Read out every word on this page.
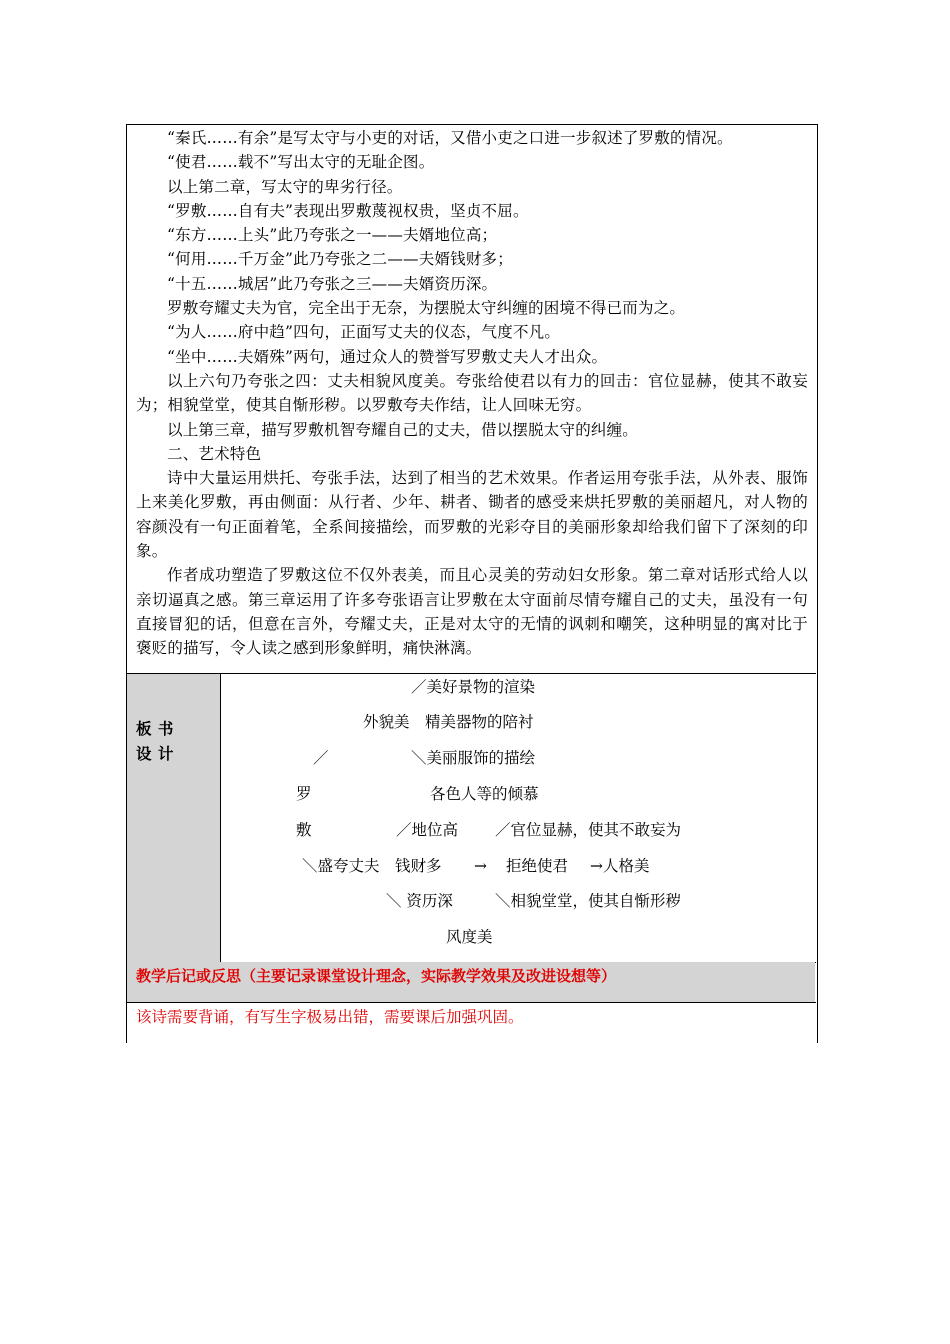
“秦氏……有余”是写太守与小吏的对话，又借小吏之口进一步叙述了罗敷的情况。

“使君……载不”写出太守的无耻企图。

以上第二章，写太守的卑劣行径。

“罗敷……自有夫”表现出罗敷蔑视权贵，坚贞不屈。

“东方……上头”此乃夸张之一——夫婿地位高；

“何用……千万金”此乃夸张之二——夫婿钱财多；

“十五……城居”此乃夸张之三——夫婿资历深。

罗敷夸耀丈夫为官，完全出于无奈，为摆脱太守纠缠的困境不得已而为之。

“为人……府中趋”四句，正面写丈夫的仪态，气度不凡。

“坐中……夫婿殊”两句，通过众人的赞誉写罗敷丈夫人才出众。

以上六句乃夸张之四：丈夫相貌风度美。夸张给使君以有力的回击：官位显赫，使其不敢妄为；相貌堂堂，使其自惭形秽。以罗敷夸夫作结，让人回味无穷。

以上第三章，描写罗敷机智夸耀自己的丈夫，借以摆脱太守的纠缠。

二、艺术特色

诗中大量运用烘托、夸张手法，达到了相当的艺术效果。作者运用夸张手法，从外表、服饰上来美化罗敷，再由侧面：从行者、少年、耕者、锄者的感受来烘托罗敷的美丽超凡，对人物的容颜没有一句正面着笔，全系间接描绘，而罗敷的光彩夺目的美丽形象却给我们留下了深刻的印象。

作者成功塑造了罗敷这位不仅外表美，而且心灵美的劳动妇女形象。第二章对话形式给人以亲切逼真之感。第三章运用了许多夸张语言让罗敷在太守面前尽情夸耀自己的丈夫，虽没有一句直接冒犯的话，但意在言外，夸耀丈夫，正是对太守的无情的讽刺和嘲笑，这种明显的寓对比于褒贬的描写，令人读之感到形象鲜明，痛快淋漓。

板 书
设 计
／美好景物的渲染
外貌美　精美器物的陪衬
／	＼美丽服饰的描绘
罗	各色人等的倾慕
敷	／地位高 ／官位显赫，使其不敢妄为
＼盛夸丈夫　钱财多 → 拒绝使君 →人格美
＼ 资历深	＼相貌堂堂，使其自惭形秽
风度美
教学后记或反思（主要记录课堂设计理念，实际教学效果及改进设想等）
该诗需要背诵，有写生字极易出错，需要课后加强巩固。
